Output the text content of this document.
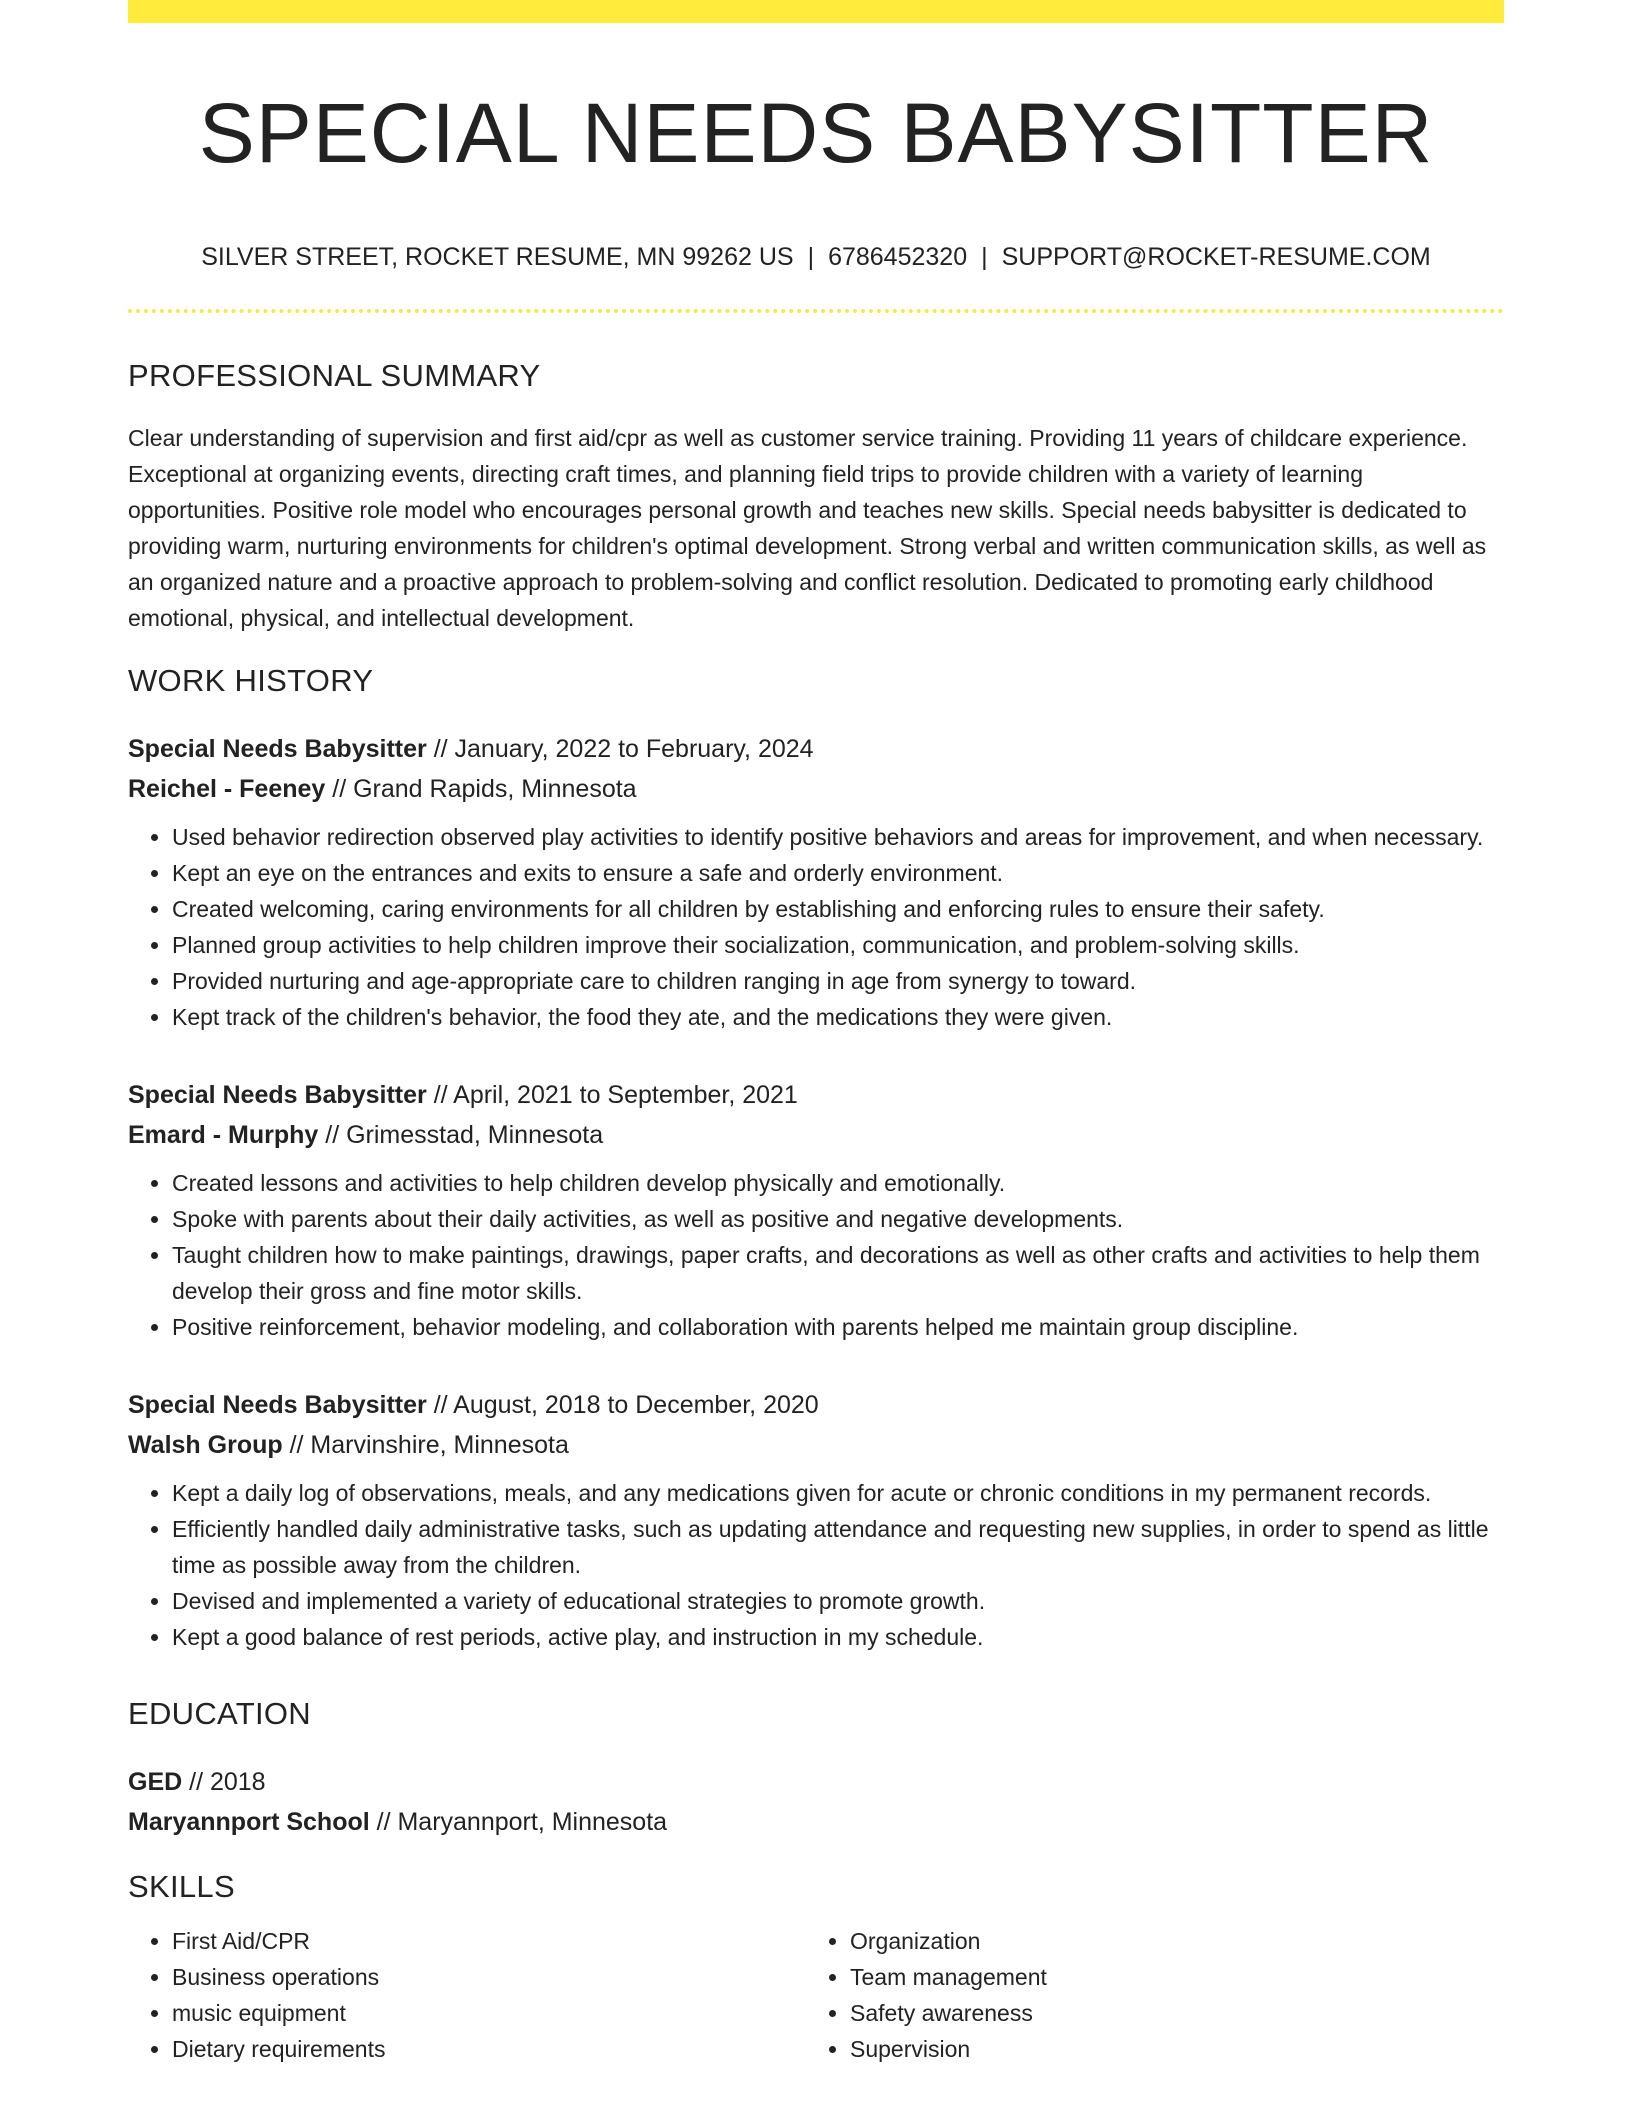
SPECIAL NEEDS BABYSITTER
SILVER STREET, ROCKET RESUME, MN 99262 US | 6786452320 | SUPPORT@ROCKET-RESUME.COM
PROFESSIONAL SUMMARY
Clear understanding of supervision and first aid/cpr as well as customer service training. Providing 11 years of childcare experience. Exceptional at organizing events, directing craft times, and planning field trips to provide children with a variety of learning opportunities. Positive role model who encourages personal growth and teaches new skills. Special needs babysitter is dedicated to providing warm, nurturing environments for children's optimal development. Strong verbal and written communication skills, as well as an organized nature and a proactive approach to problem-solving and conflict resolution. Dedicated to promoting early childhood emotional, physical, and intellectual development.
WORK HISTORY
Special Needs Babysitter // January, 2022 to February, 2024
Reichel - Feeney // Grand Rapids, Minnesota
• Used behavior redirection observed play activities to identify positive behaviors and areas for improvement, and when necessary.
• Kept an eye on the entrances and exits to ensure a safe and orderly environment.
• Created welcoming, caring environments for all children by establishing and enforcing rules to ensure their safety.
• Planned group activities to help children improve their socialization, communication, and problem-solving skills.
• Provided nurturing and age-appropriate care to children ranging in age from synergy to toward.
• Kept track of the children's behavior, the food they ate, and the medications they were given.
Special Needs Babysitter // April, 2021 to September, 2021
Emard - Murphy // Grimesstad, Minnesota
• Created lessons and activities to help children develop physically and emotionally.
• Spoke with parents about their daily activities, as well as positive and negative developments.
• Taught children how to make paintings, drawings, paper crafts, and decorations as well as other crafts and activities to help them develop their gross and fine motor skills.
• Positive reinforcement, behavior modeling, and collaboration with parents helped me maintain group discipline.
Special Needs Babysitter // August, 2018 to December, 2020
Walsh Group // Marvinshire, Minnesota
• Kept a daily log of observations, meals, and any medications given for acute or chronic conditions in my permanent records.
• Efficiently handled daily administrative tasks, such as updating attendance and requesting new supplies, in order to spend as little time as possible away from the children.
• Devised and implemented a variety of educational strategies to promote growth.
• Kept a good balance of rest periods, active play, and instruction in my schedule.
EDUCATION
GED // 2018
Maryannport School // Maryannport, Minnesota
SKILLS
• First Aid/CPR
• Business operations
• music equipment
• Dietary requirements
• Organization
• Team management
• Safety awareness
• Supervision
